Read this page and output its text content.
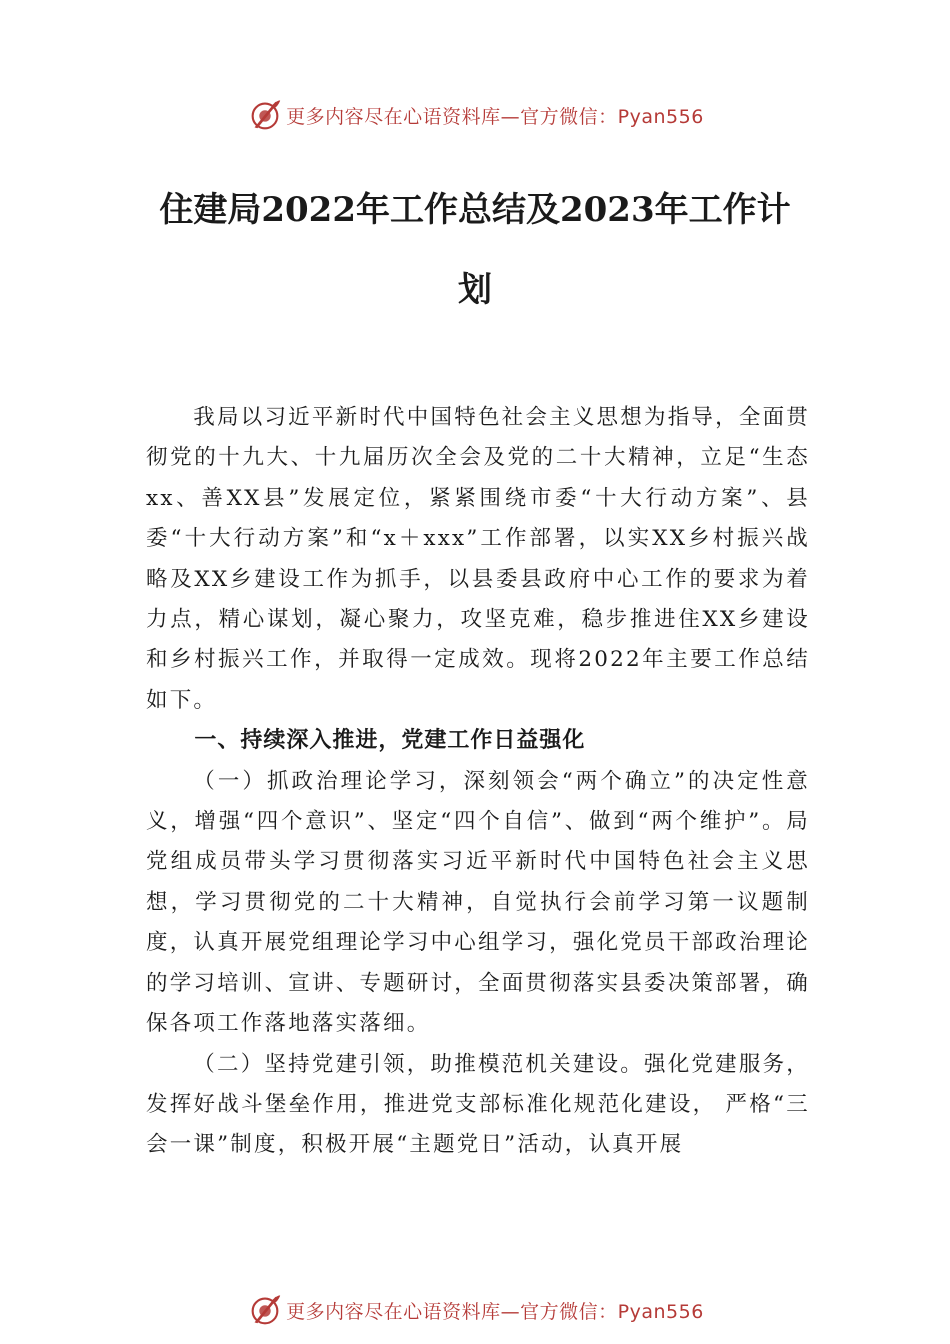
更多内容尽在心语资料库—官方微信：Pyan556
住建局2022年工作总结及2023年工作计划

我局以习近平新时代中国特色社会主义思想为指导，全面贯彻党的十九大、十九届历次全会及党的二十大精神，立足“生态xx、善XX县”发展定位，紧紧围绕市委“十大行动方案”、县委“十大行动方案”和“x＋xxx”工作部署，以实XX乡村振兴战略及XX乡建设工作为抓手，以县委县政府中心工作的要求为着力点，精心谋划，凝心聚力，攻坚克难，稳步推进住XX乡建设和乡村振兴工作，并取得一定成效。现将2022年主要工作总结如下。

一、持续深入推进，党建工作日益强化

（一）抓政治理论学习，深刻领会“两个确立”的决定性意义，增强“四个意识”、坚定“四个自信”、做到“两个维护”。局党组成员带头学习贯彻落实习近平新时代中国特色社会主义思想，学习贯彻党的二十大精神，自觉执行会前学习第一议题制度，认真开展党组理论学习中心组学习，强化党员干部政治理论的学习培训、宣讲、专题研讨，全面贯彻落实县委决策部署，确保各项工作落地落实落细。

（二）坚持党建引领，助推模范机关建设。强化党建服务，发挥好战斗堡垒作用，推进党支部标准化规范化建设， 严格“三会一课”制度，积极开展“主题党日”活动，认真开展

更多内容尽在心语资料库—官方微信：Pyan556
